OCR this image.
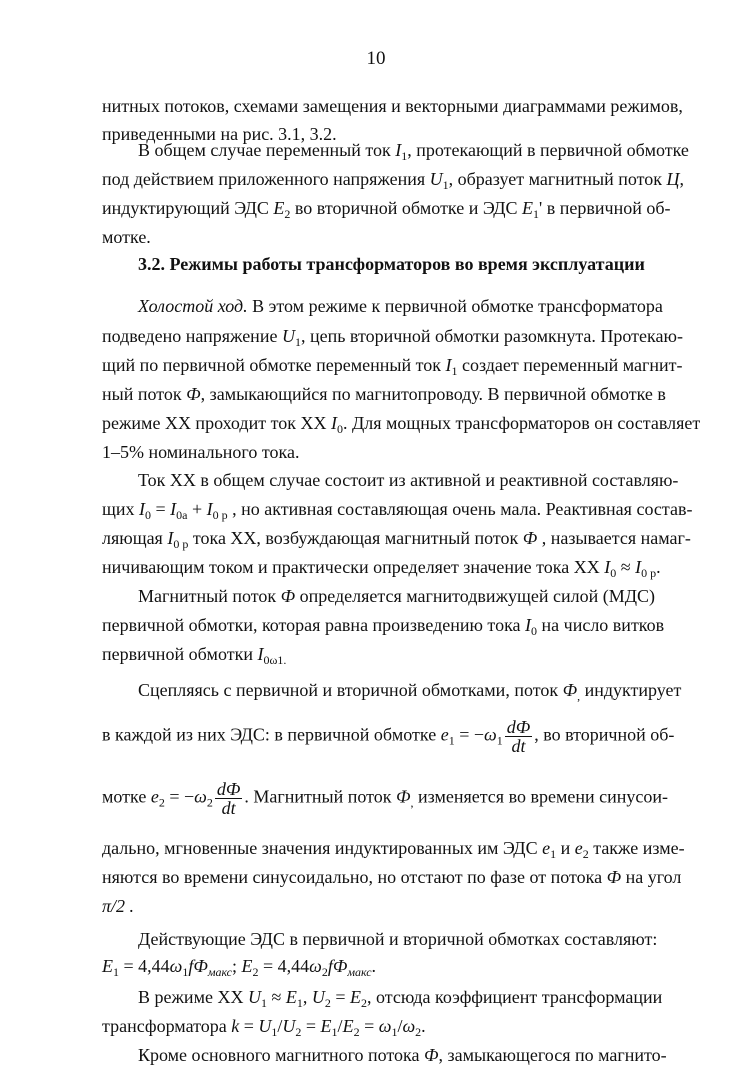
10
нитных потоков, схемами замещения и векторными диаграммами режимов,
приведенными на рис. 3.1, 3.2.
В общем случае переменный ток $I_1$, протекающий в первичной обмотке
под действием приложенного напряжения $U_1$, образует магнитный поток Ц,
индуктирующий ЭДС $E_2$ во вторичной обмотке и ЭДС $E_1'$ в первичной об-
мотке.
3.2. Режимы работы трансформаторов во время эксплуатации
Холостой ход. В этом режиме к первичной обмотке трансформатора
подведено напряжение $U_1$, цепь вторичной обмотки разомкнута. Протекаю-
щий по первичной обмотке переменный ток $I_1$ создает переменный магнит-
ный поток Ф, замыкающийся по магнитопроводу. В первичной обмотке в
режиме ХХ проходит ток ХХ $I_0$. Для мощных трансформаторов он составляет
1–5% номинального тока.
Ток ХХ в общем случае состоит из активной и реактивной составляю-
щих $I_0 = I_{0а} + I_{0 р}$ , но активная составляющая очень мала. Реактивная состав-
ляющая $I_{0 р}$ тока ХХ, возбуждающая магнитный поток Ф , называется намаг-
ничивающим током и практически определяет значение тока ХХ $I_0 \approx I_{0 р}$.
Магнитный поток Ф определяется магнитодвижущей силой (МДС)
первичной обмотки, которая равна произведению тока $I_0$ на число витков
первичной обмотки $I_{0\omega 1.}$
Сцепляясь с первичной и вторичной обмотками, поток $Ф_,$ индуктирует
в каждой из них ЭДС: в первичной обмотке $e_1 = -\omega_1$
dФ
dt
, во вторичной об-
мотке $e_2 = -\omega_2$
dФ
dt
. Магнитный поток $Ф_,$ изменяется во времени синусои-
дально, мгновенные значения индуктированных им ЭДС $e_1$ и $e_2$ также изме-
няются во времени синусоидально, но отстают по фазе от потока Ф на угол
π/2 .
Действующие ЭДС в первичной и вторичной обмотках составляют:
$E_1 = 4,44\omega_1fФ_{макс}$; $E_2 = 4,44\omega_2fФ_{макс}$.
В режиме ХХ $U_1 \approx E_1$, $U_2 = E_2$, отсюда коэффициент трансформации
трансформатора $k = U_1/U_2 = E_1/E_2 = \omega_1/\omega_2$.
Кроме основного магнитного потока Ф, замыкающегося по магнито-
